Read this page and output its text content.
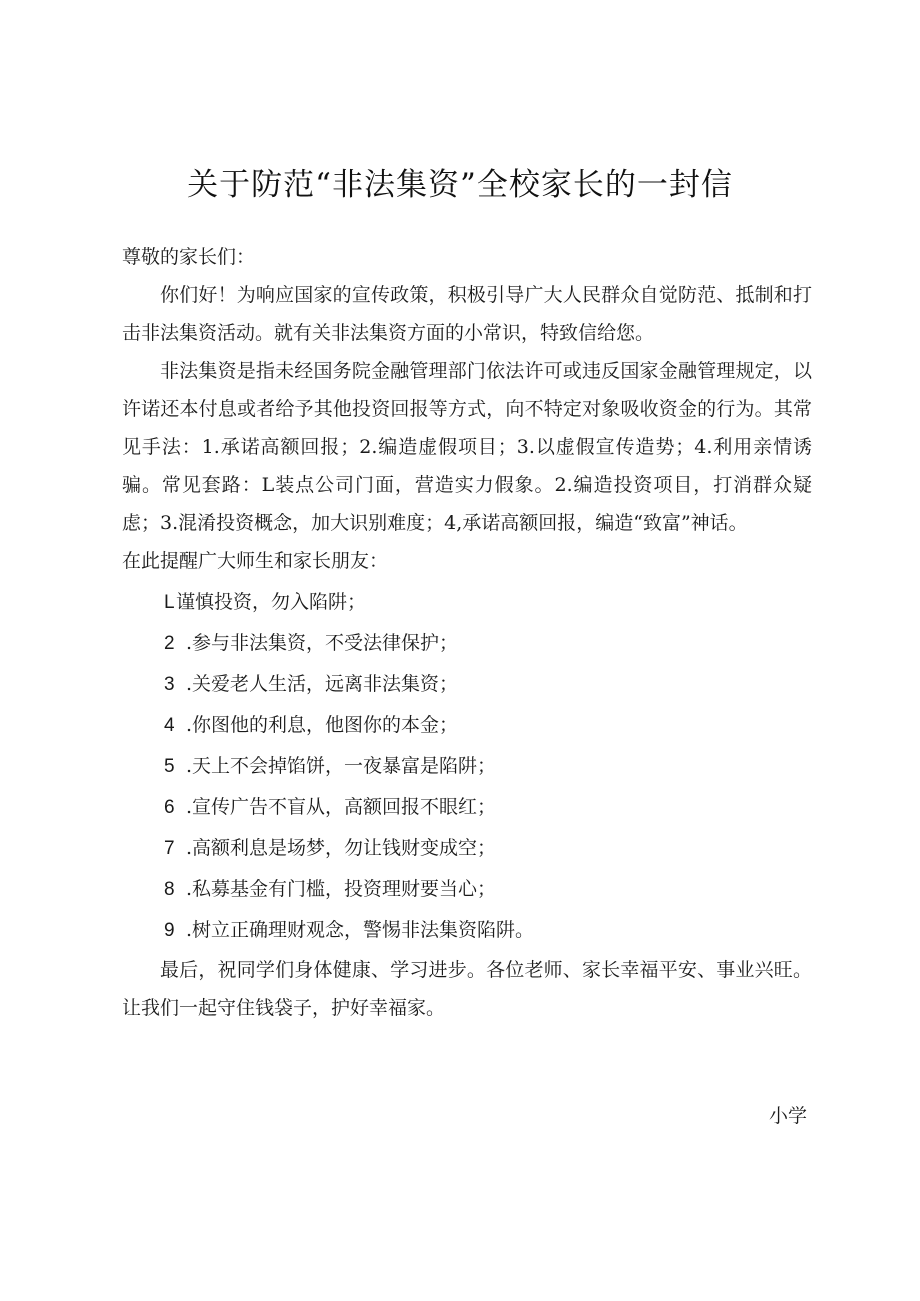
关于防范“非法集资”全校家长的一封信

尊敬的家长们：

你们好！为响应国家的宣传政策，积极引导广大人民群众自觉防范、抵制和打击非法集资活动。就有关非法集资方面的小常识，特致信给您。

非法集资是指未经国务院金融管理部门依法许可或违反国家金融管理规定，以许诺还本付息或者给予其他投资回报等方式，向不特定对象吸收资金的行为。其常见手法：1.承诺高额回报；2.编造虚假项目；3.以虚假宣传造势；4.利用亲情诱骗。常见套路：L装点公司门面，营造实力假象。2.编造投资项目，打消群众疑虑；3.混淆投资概念，加大识别难度；4,承诺高额回报，编造“致富”神话。

在此提醒广大师生和家长朋友：

L谨慎投资，勿入陷阱；
2 .参与非法集资，不受法律保护；
3 .关爱老人生活，远离非法集资；
4 .你图他的利息，他图你的本金；
5 .天上不会掉馅饼，一夜暴富是陷阱；
6 .宣传广告不盲从，高额回报不眼红；
7 .高额利息是场梦，勿让钱财变成空；
8 .私募基金有门槛，投资理财要当心；
9 .树立正确理财观念，警惕非法集资陷阱。

最后，祝同学们身体健康、学习进步。各位老师、家长幸福平安、事业兴旺。让我们一起守住钱袋子，护好幸福家。

小学
